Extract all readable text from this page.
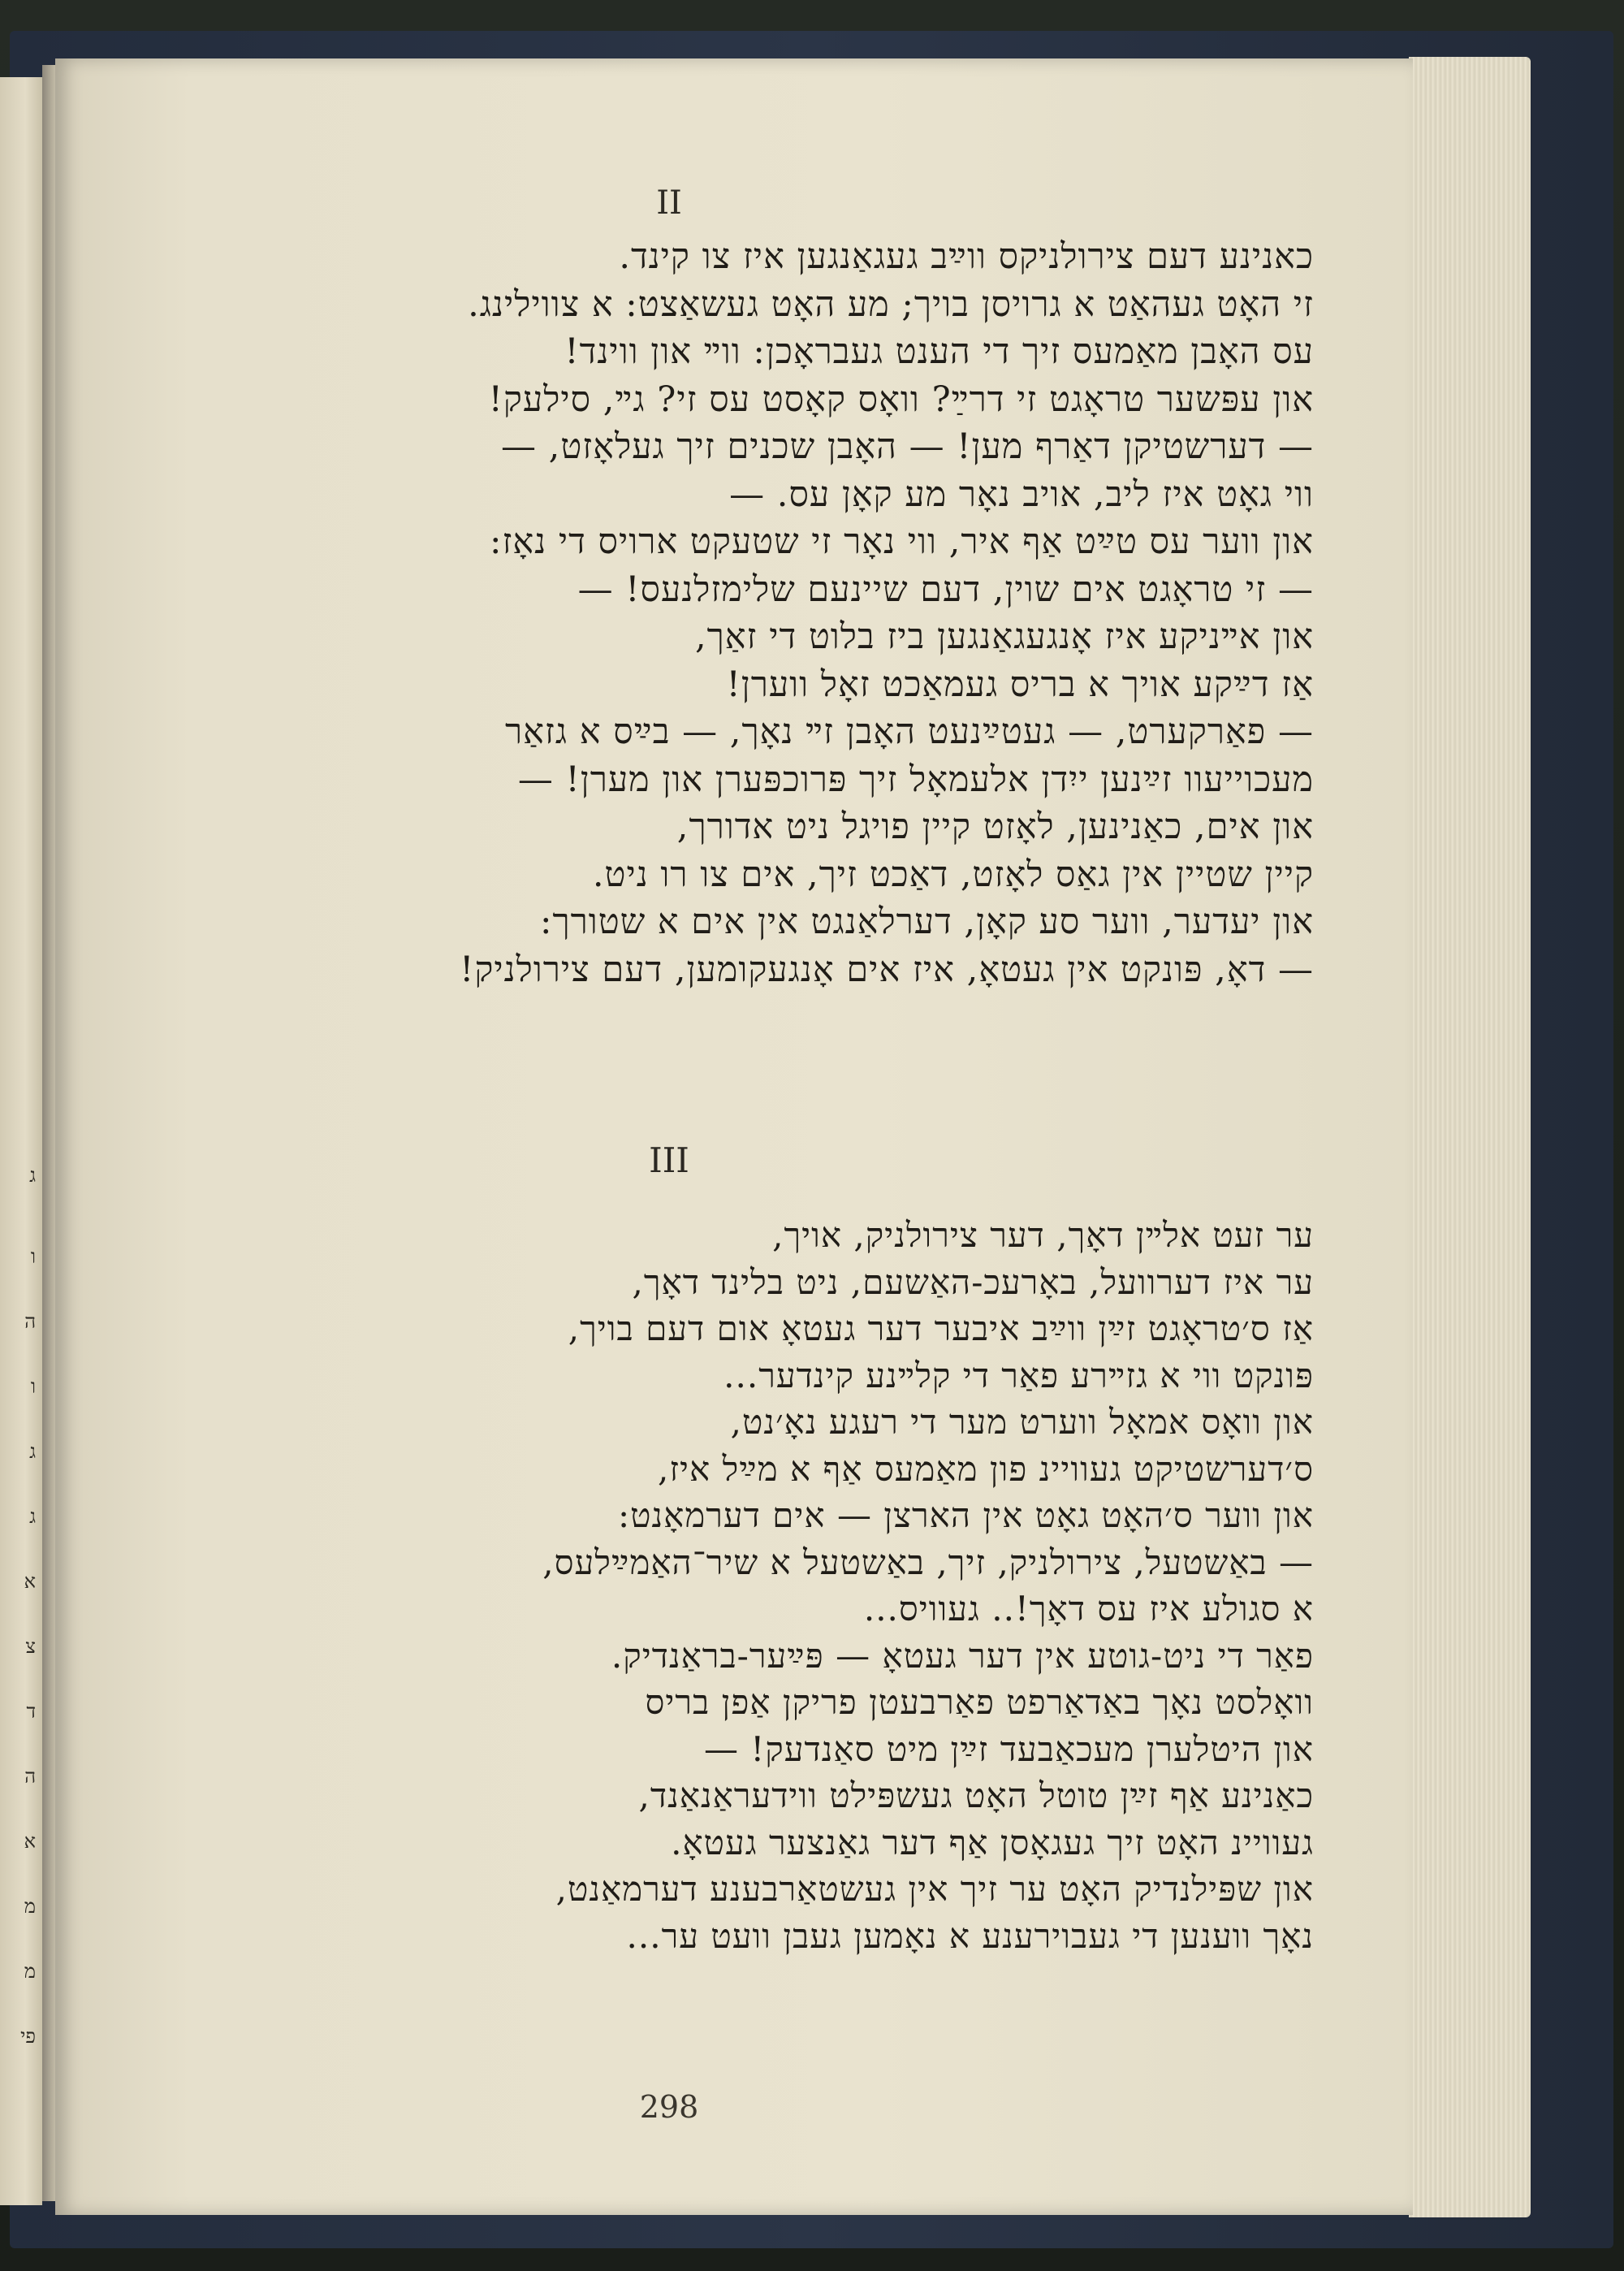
ג
ו
ה
ו
ג
ג
א
צ
ד
ה
א
מ
מ
פי
II
כאנינע דעם צירולניקס ווײַב געגאַנגען איז צו קינד.
זי האָט געהאַט א גרויסן בויך; מע האָט געשאַצט: א צווילינג.
עס האָבן מאַמעס זיך די הענט געבראָכן: ווײ און ווינד!
און עפּשער טראָגט זי דרײַ? וואָס קאָסט עס זי? גײ, סילעק!
— דערשטיקן דאַרף מען! — האָבן שכנים זיך געלאָזט, —
ווי גאָט איז ליב, אויב נאָר מע קאָן עס. —
און ווער עס טײַט אַף איר, ווי נאָר זי שטעקט ארויס די נאָז:
— זי טראָגט אים שוין, דעם שיינעם שלימזלנעס! —
און אײניקע איז אָנגעגאַנגען ביז בלוט די זאַך,
אַז דײַקע אויך א בריס געמאַכט זאָל ווערן!
— פאַרקערט, — געטײַנעט האָבן זײ נאָך, — בײַס א גזאַר
מעכוייעוו זײַנען ייִדן אלעמאָל זיך פּרוכפּערן און מערן! —
און אים, כאַנינען, לאָזט קיין פויגל ניט אדורך,
קיין שטיין אין גאַס לאָזט, דאַכט זיך, אים צו רו ניט.
און יעדער, ווער סע קאָן, דערלאַנגט אין אים א שטורך:
— דאָ, פּונקט אין געטאָ, איז אים אָנגעקומען, דעם צירולניק!
III
ער זעט אלײן דאָך, דער צירולניק, אויך,
ער איז דערוועל, באָרעכ-האַשעם, ניט בלינד דאָך,
אַז ס׳טראָגט זײַן ווײַב איבער דער געטאָ אום דעם בויך,
פּונקט ווי א גזײרע פאַר די קלײנע קינדער...
און וואָס אמאָל ווערט מער די רעגע נאָ׳נט,
ס׳דערשטיקט געוויינ פון מאַמעס אַף א מײַל איז,
און ווער ס׳האָט גאָט אין הארצן — אים דערמאָנט:
— באַשטעל, צירולניק, זיך, באַשטעל א שיר־האַמײַלעס,
א סגולע איז עס דאָך!.. געוויס...
פאַר די ניט-גוטע אין דער געטאָ — פּײַער-בראַנדיק.
וואָלסט נאָך באַדאַרפט פאַרבעטן פריקן אַפן בריס
און היטלערן מעכאַבעד זײַן מיט סאַנדעק! —
כאַנינע אַף זײַן טוטל האָט געשפּילט ווידעראַנאַנד,
געוויינ האָט זיך געגאָסן אַף דער גאַנצער געטאָ.
און שפּילנדיק האָט ער זיך אין געשטאַרבענע דערמאַנט,
נאָך ווענען די געבוירענע א נאָמען געבן וועט ער...
298
